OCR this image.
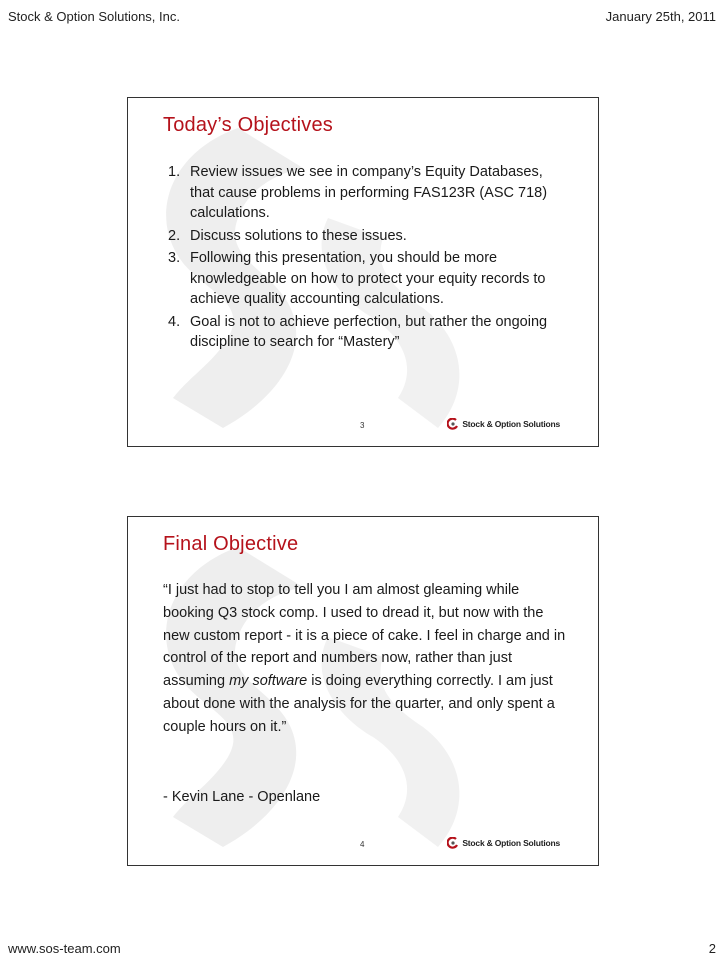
Stock & Option Solutions, Inc.	January 25th, 2011
Today’s Objectives
1. Review issues we see in company’s Equity Databases, that cause problems in performing FAS123R (ASC 718) calculations.
2. Discuss solutions to these issues.
3. Following this presentation, you should be more knowledgeable on how to protect your equity records to achieve quality accounting calculations.
4. Goal is not to achieve perfection, but rather the ongoing discipline to search for “Mastery”
3	Stock & Option Solutions
Final Objective

“I just had to stop to tell you I am almost gleaming while booking Q3 stock comp. I used to dread it, but now with the new custom report - it is a piece of cake. I feel in charge and in control of the report and numbers now, rather than just assuming my software is doing everything correctly. I am just about done with the analysis for the quarter, and only spent a couple hours on it.”

- Kevin Lane - Openlane
4	Stock & Option Solutions
www.sos-team.com	2
